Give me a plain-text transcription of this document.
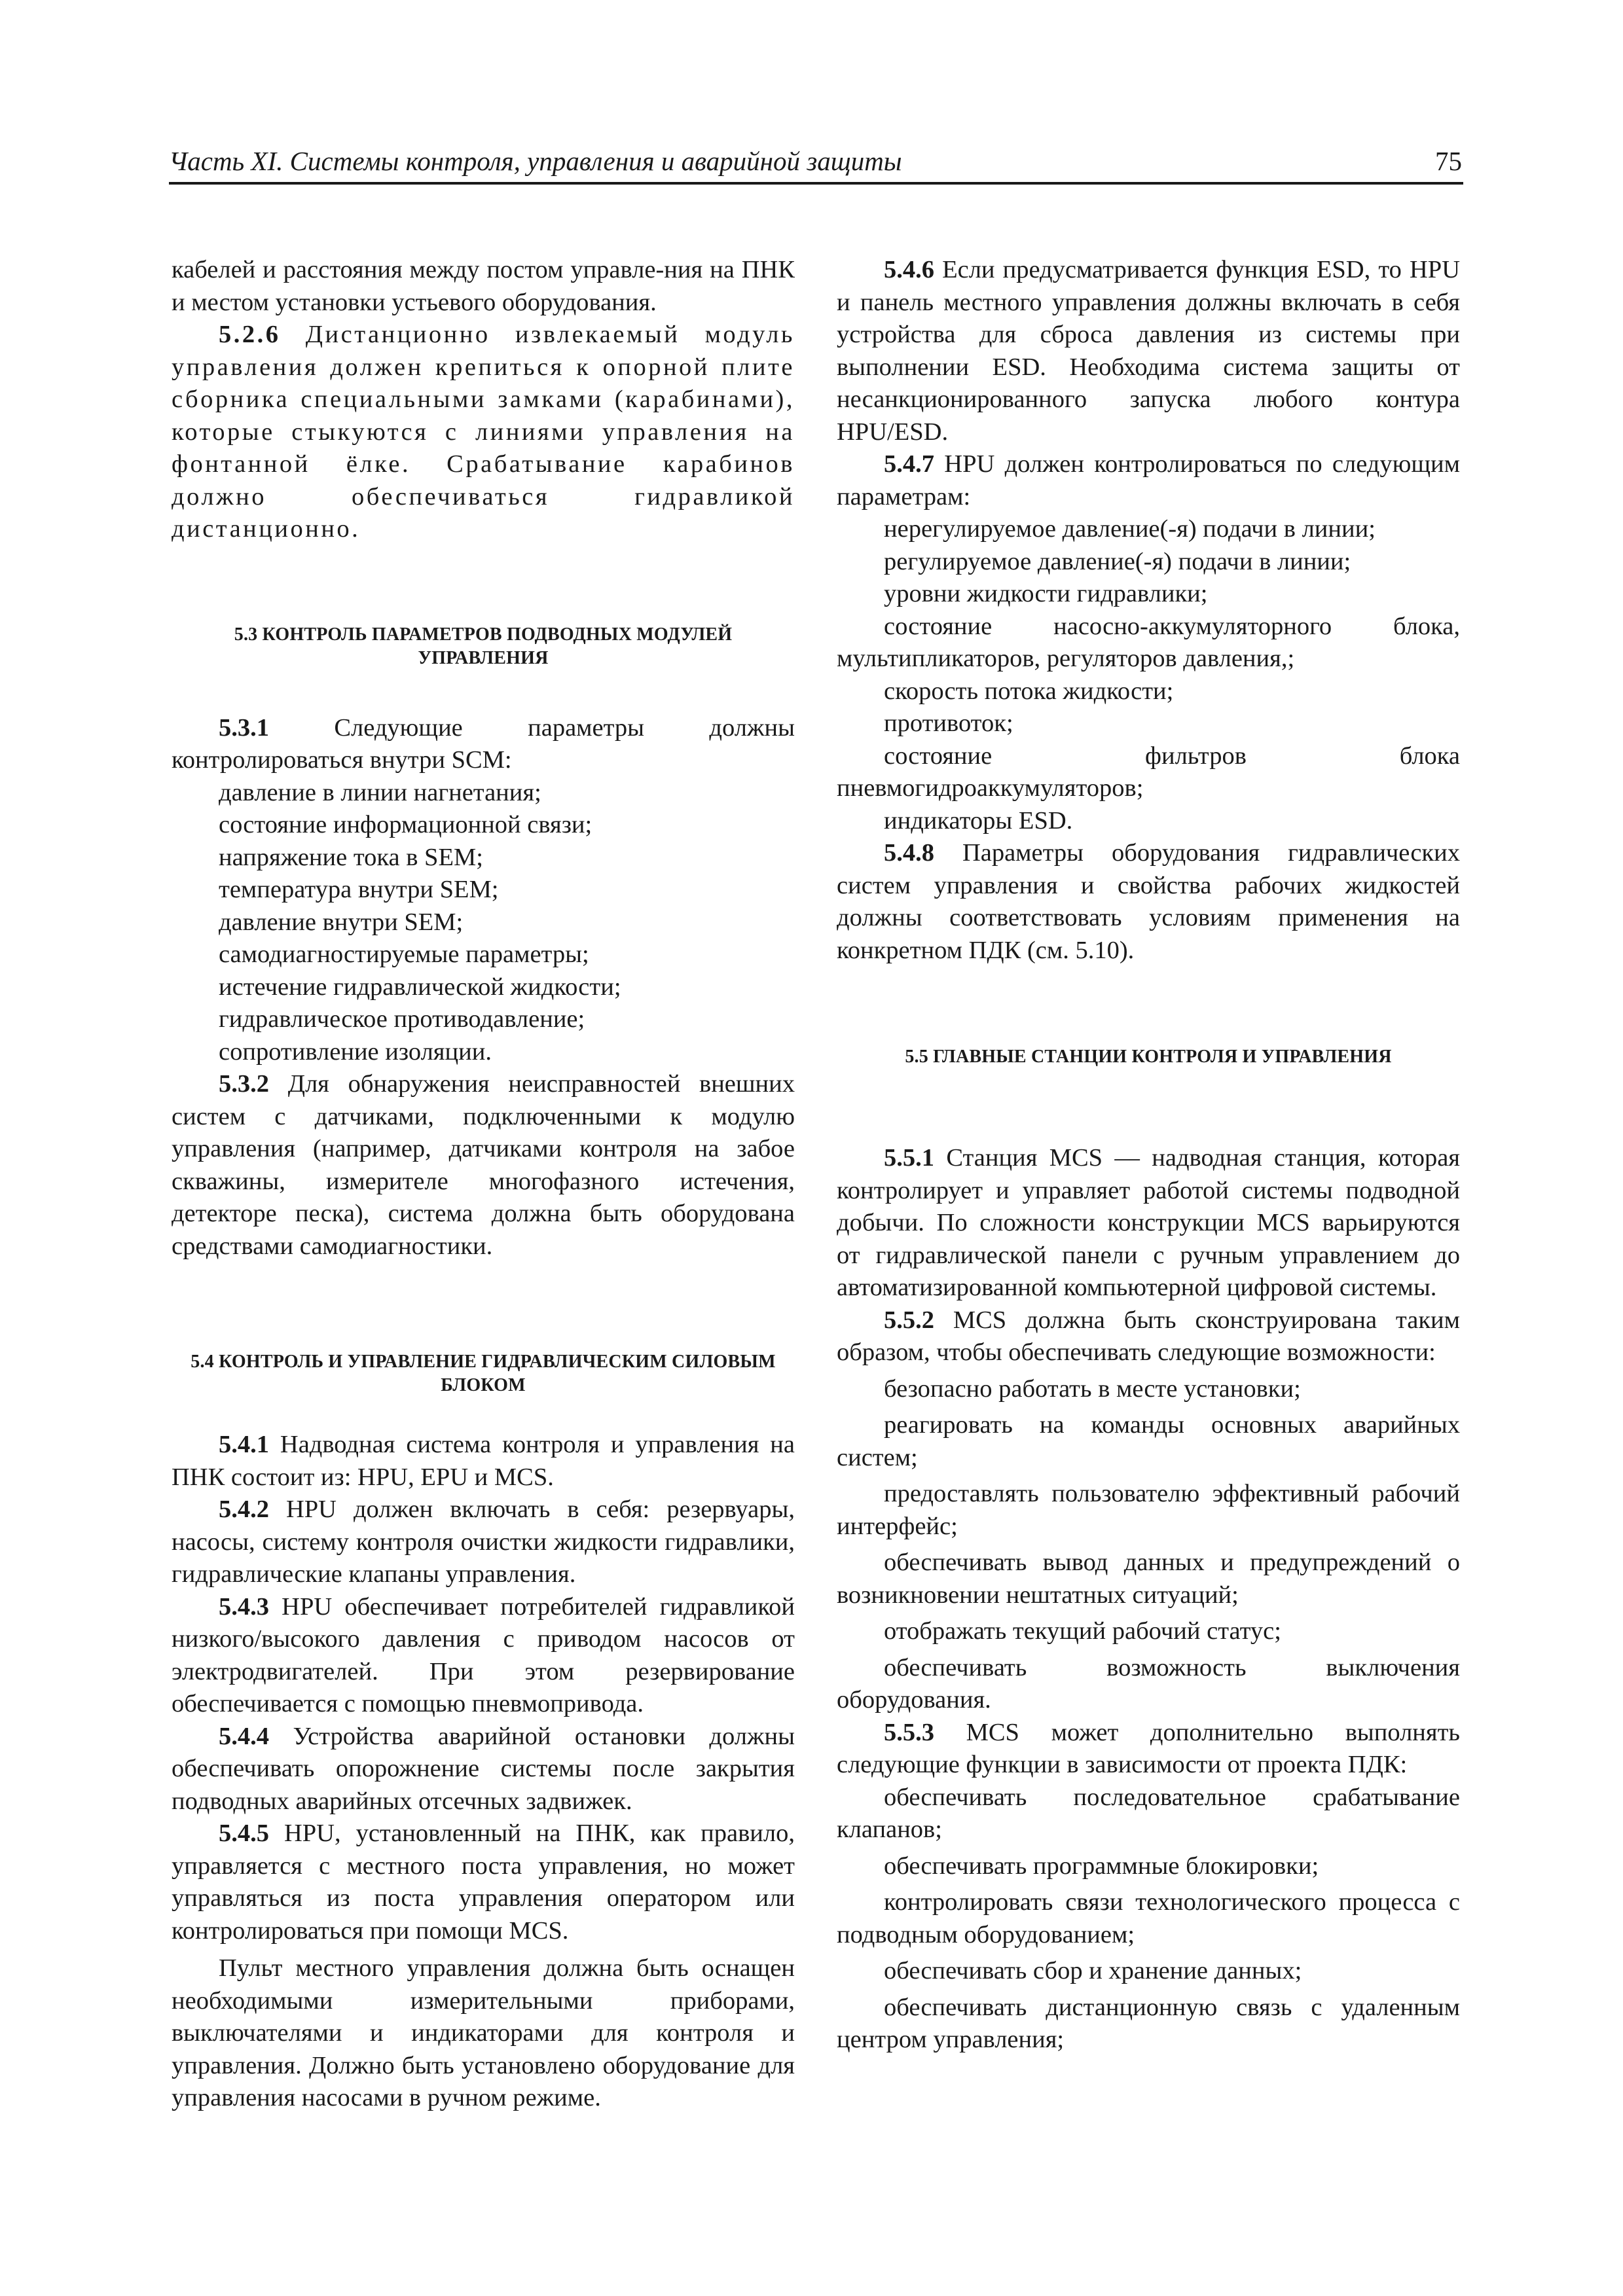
Часть XI. Системы контроля, управления и аварийной защиты	75

кабелей и расстояния между постом управле-ния на ПНК и местом установки устьевого оборудования.

5.2.6 Дистанционно извлекаемый модуль управления должен крепиться к опорной плите сборника специальными замками (карабинами), которые стыкуются с линиями управления на фонтанной ёлке. Срабатывание карабинов должно обеспечиваться гидравликой дистанционно.

5.3 КОНТРОЛЬ ПАРАМЕТРОВ ПОДВОДНЫХ МОДУЛЕЙ УПРАВЛЕНИЯ

5.3.1 Следующие параметры должны контролироваться внутри SCM:

давление в линии нагнетания;

состояние информационной связи;

напряжение тока в SEM;

температура внутри SEM;

давление внутри SEM;

самодиагностируемые параметры;

истечение гидравлической жидкости;

гидравлическое противодавление;

сопротивление изоляции.

5.3.2 Для обнаружения неисправностей внешних систем с датчиками, подключенными к модулю управления (например, датчиками контроля на забое скважины, измерителе многофазного истечения, детекторе песка), система должна быть оборудована средствами самодиагностики.

5.4 КОНТРОЛЬ И УПРАВЛЕНИЕ ГИДРАВЛИЧЕСКИМ СИЛОВЫМ БЛОКОМ

5.4.1 Надводная система контроля и управления на ПНК состоит из: HPU, EPU и MCS.

5.4.2 HPU должен включать в себя: резервуары, насосы, систему контроля очистки жидкости гидравлики, гидравлические клапаны управления.

5.4.3 HPU обеспечивает потребителей гидравликой низкого/высокого давления с приводом насосов от электродвигателей. При этом резервирование обеспечивается с помощью пневмопривода.

5.4.4 Устройства аварийной остановки должны обеспечивать опорожнение системы после закрытия подводных аварийных отсечных задвижек.

5.4.5 HPU, установленный на ПНК, как правило, управляется с местного поста управления, но может управляться из поста управления оператором или контролироваться при помощи MCS.

Пульт местного управления должна быть оснащен необходимыми измерительными приборами, выключателями и индикаторами для контроля и управления. Должно быть установлено оборудование для управления насосами в ручном режиме.

5.4.6 Если предусматривается функция ESD, то HPU и панель местного управления должны включать в себя устройства для сброса давления из системы при выполнении ESD. Необходима система защиты от несанкционированного запуска любого контура HPU/ESD.

5.4.7 HPU должен контролироваться по следующим параметрам:

нерегулируемое давление(-я) подачи в линии;

регулируемое давление(-я) подачи в линии;

уровни жидкости гидравлики;

состояние насосно-аккумуляторного блока, мультипликаторов, регуляторов давления,;

скорость потока жидкости;

противоток;

состояние фильтров блока пневмогидроаккумуляторов;

индикаторы ESD.

5.4.8 Параметры оборудования гидравлических систем управления и свойства рабочих жидкостей должны соответствовать условиям применения на конкретном ПДК (см. 5.10).

5.5 ГЛАВНЫЕ СТАНЦИИ КОНТРОЛЯ И УПРАВЛЕНИЯ

5.5.1 Станция MCS — надводная станция, которая контролирует и управляет работой системы подводной добычи. По сложности конструкции MCS варьируются от гидравлической панели с ручным управлением до автоматизированной компьютерной цифровой системы.

5.5.2 MCS должна быть сконструирована таким образом, чтобы обеспечивать следующие возможности:

безопасно работать в месте установки;

реагировать на команды основных аварийных систем;

предоставлять пользователю эффективный рабочий интерфейс;

обеспечивать вывод данных и предупреждений о возникновении нештатных ситуаций;

отображать текущий рабочий статус;

обеспечивать возможность выключения оборудования.

5.5.3 MCS может дополнительно выполнять следующие функции в зависимости от проекта ПДК:

обеспечивать последовательное срабатывание клапанов;

обеспечивать программные блокировки;

контролировать связи технологического процесса с подводным оборудованием;

обеспечивать сбор и хранение данных;

обеспечивать дистанционную связь с удаленным центром управления;
